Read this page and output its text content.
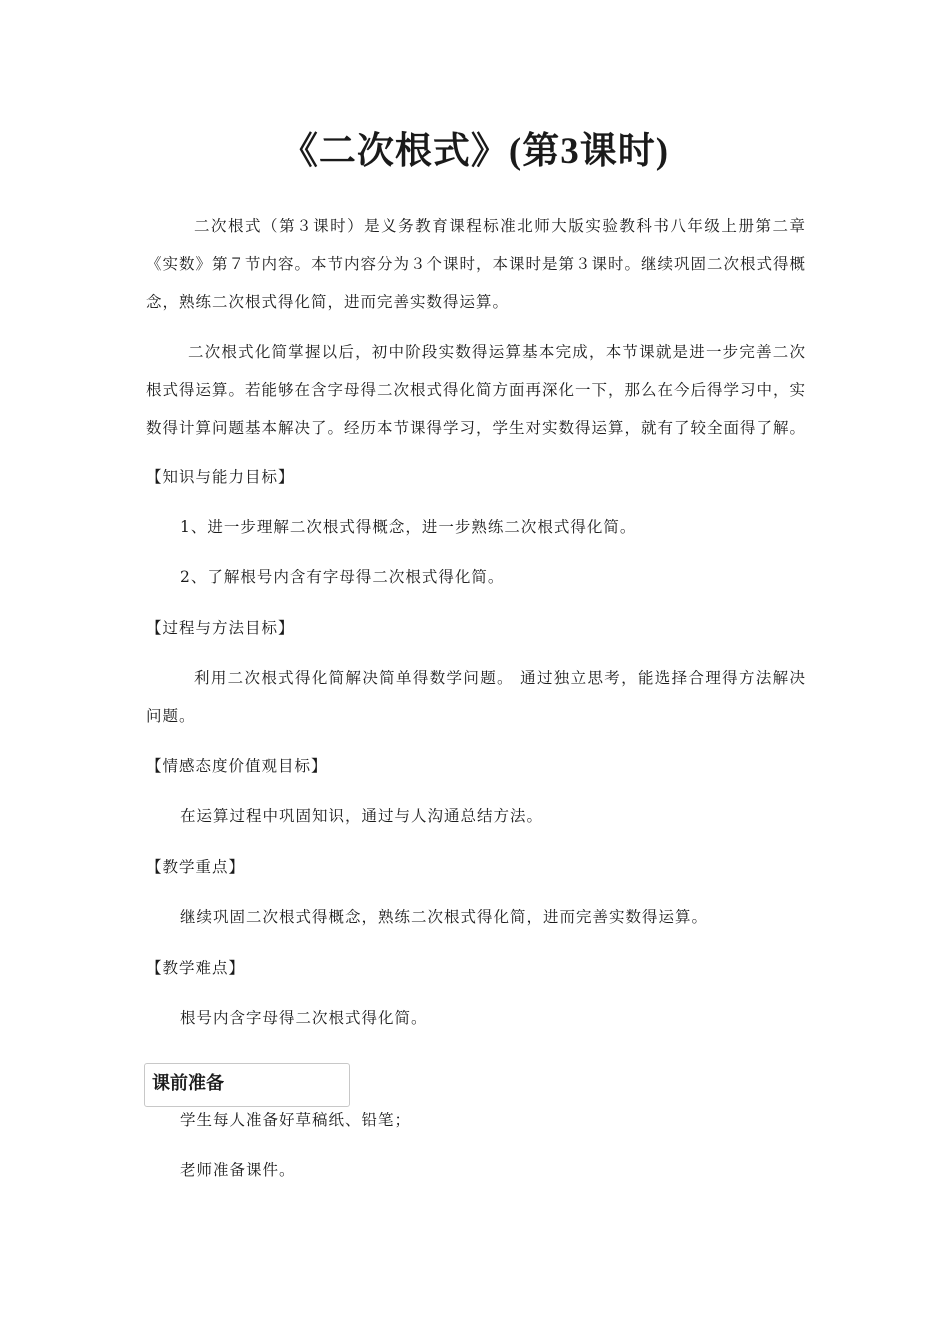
《二次根式》(第3课时)
二次根式（第３课时）是义务教育课程标准北师大版实验教科书八年级上册第二章《实数》第７节内容。本节内容分为３个课时，本课时是第３课时。继续巩固二次根式得概念，熟练二次根式得化简，进而完善实数得运算。
二次根式化简掌握以后，初中阶段实数得运算基本完成，本节课就是进一步完善二次根式得运算。若能够在含字母得二次根式得化简方面再深化一下，那么在今后得学习中，实数得计算问题基本解决了。经历本节课得学习，学生对实数得运算，就有了较全面得了解。
【知识与能力目标】
1、进一步理解二次根式得概念，进一步熟练二次根式得化简。
2、了解根号内含有字母得二次根式得化简。
【过程与方法目标】
利用二次根式得化简解决简单得数学问题。 通过独立思考，能选择合理得方法解决问题。
【情感态度价值观目标】
在运算过程中巩固知识，通过与人沟通总结方法。
【教学重点】
继续巩固二次根式得概念，熟练二次根式得化简，进而完善实数得运算。
【教学难点】
根号内含字母得二次根式得化简。
课前准备
学生每人准备好草稿纸、铅笔；
老师准备课件。
